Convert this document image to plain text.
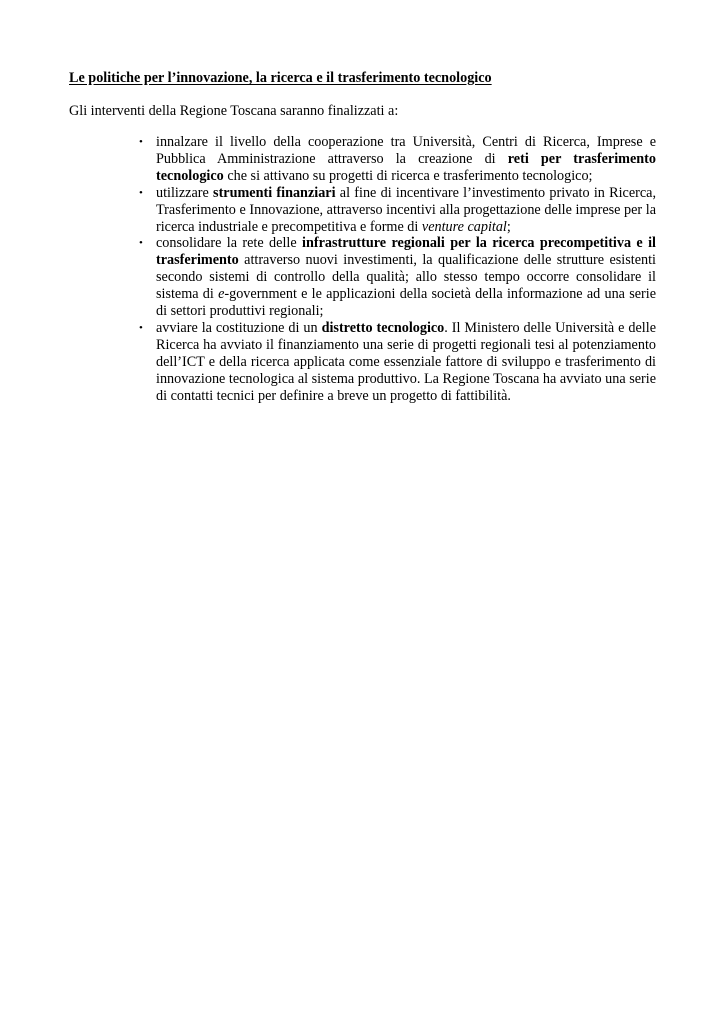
Le politiche per l’innovazione, la ricerca e il trasferimento tecnologico

Gli interventi della Regione Toscana saranno finalizzati a:

• innalzare il livello della cooperazione tra Università, Centri di Ricerca, Imprese e Pubblica Amministrazione attraverso la creazione di reti per trasferimento tecnologico che si attivano su progetti di ricerca e trasferimento tecnologico;
• utilizzare strumenti finanziari al fine di incentivare l’investimento privato in Ricerca, Trasferimento e Innovazione, attraverso incentivi alla progettazione delle imprese per la ricerca industriale e precompetitiva e forme di venture capital;
• consolidare la rete delle infrastrutture regionali per la ricerca precompetitiva e il trasferimento attraverso nuovi investimenti, la qualificazione delle strutture esistenti secondo sistemi di controllo della qualità; allo stesso tempo occorre consolidare il sistema di e-government e le applicazioni della società della informazione ad una serie di settori produttivi regionali;
• avviare la costituzione di un distretto tecnologico. Il Ministero delle Università e delle Ricerca ha avviato il finanziamento una serie di progetti regionali tesi al potenziamento dell’ICT e della ricerca applicata come essenziale fattore di sviluppo e trasferimento di innovazione tecnologica al sistema produttivo. La Regione Toscana ha avviato una serie di contatti tecnici per definire a breve un progetto di fattibilità.
